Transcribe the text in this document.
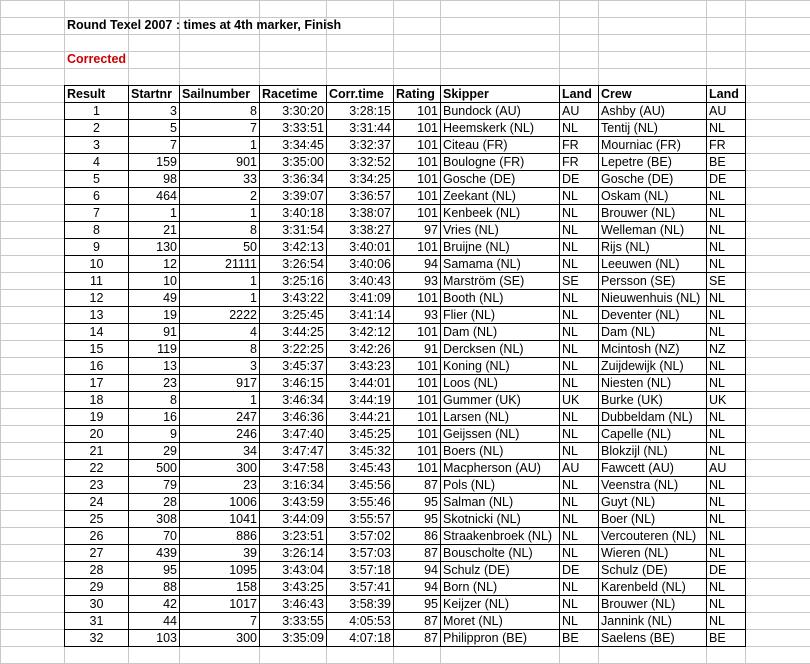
Round Texel 2007 : times at 4th marker, Finish
Corrected
Result	Startnr	Sailnumber	Racetime	Corr.time	Rating	Skipper	Land	Crew	Land
1	3	8	3:30:20	3:28:15	101	Bundock (AU)	AU	Ashby (AU)	AU
2	5	7	3:33:51	3:31:44	101	Heemskerk (NL)	NL	Tentij (NL)	NL
3	7	1	3:34:45	3:32:37	101	Citeau (FR)	FR	Mourniac (FR)	FR
4	159	901	3:35:00	3:32:52	101	Boulogne (FR)	FR	Lepetre (BE)	BE
5	98	33	3:36:34	3:34:25	101	Gosche (DE)	DE	Gosche (DE)	DE
6	464	2	3:39:07	3:36:57	101	Zeekant (NL)	NL	Oskam (NL)	NL
7	1	1	3:40:18	3:38:07	101	Kenbeek (NL)	NL	Brouwer (NL)	NL
8	21	8	3:31:54	3:38:27	97	Vries (NL)	NL	Welleman (NL)	NL
9	130	50	3:42:13	3:40:01	101	Bruijne (NL)	NL	Rijs (NL)	NL
10	12	21111	3:26:54	3:40:06	94	Samama (NL)	NL	Leeuwen (NL)	NL
11	10	1	3:25:16	3:40:43	93	Marström (SE)	SE	Persson (SE)	SE
12	49	1	3:43:22	3:41:09	101	Booth (NL)	NL	Nieuwenhuis (NL)	NL
13	19	2222	3:25:45	3:41:14	93	Flier (NL)	NL	Deventer (NL)	NL
14	91	4	3:44:25	3:42:12	101	Dam (NL)	NL	Dam (NL)	NL
15	119	8	3:22:25	3:42:26	91	Dercksen (NL)	NL	Mcintosh (NZ)	NZ
16	13	3	3:45:37	3:43:23	101	Koning (NL)	NL	Zuijdewijk (NL)	NL
17	23	917	3:46:15	3:44:01	101	Loos (NL)	NL	Niesten (NL)	NL
18	8	1	3:46:34	3:44:19	101	Gummer (UK)	UK	Burke (UK)	UK
19	16	247	3:46:36	3:44:21	101	Larsen (NL)	NL	Dubbeldam (NL)	NL
20	9	246	3:47:40	3:45:25	101	Geijssen (NL)	NL	Capelle (NL)	NL
21	29	34	3:47:47	3:45:32	101	Boers (NL)	NL	Blokzijl (NL)	NL
22	500	300	3:47:58	3:45:43	101	Macpherson (AU)	AU	Fawcett (AU)	AU
23	79	23	3:16:34	3:45:56	87	Pols (NL)	NL	Veenstra (NL)	NL
24	28	1006	3:43:59	3:55:46	95	Salman (NL)	NL	Guyt (NL)	NL
25	308	1041	3:44:09	3:55:57	95	Skotnicki (NL)	NL	Boer (NL)	NL
26	70	886	3:23:51	3:57:02	86	Straakenbroek (NL)	NL	Vercouteren (NL)	NL
27	439	39	3:26:14	3:57:03	87	Bouscholte (NL)	NL	Wieren (NL)	NL
28	95	1095	3:43:04	3:57:18	94	Schulz (DE)	DE	Schulz (DE)	DE
29	88	158	3:43:25	3:57:41	94	Born (NL)	NL	Karenbeld (NL)	NL
30	42	1017	3:46:43	3:58:39	95	Keijzer (NL)	NL	Brouwer (NL)	NL
31	44	7	3:33:55	4:05:53	87	Moret (NL)	NL	Jannink (NL)	NL
32	103	300	3:35:09	4:07:18	87	Philippron (BE)	BE	Saelens (BE)	BE
